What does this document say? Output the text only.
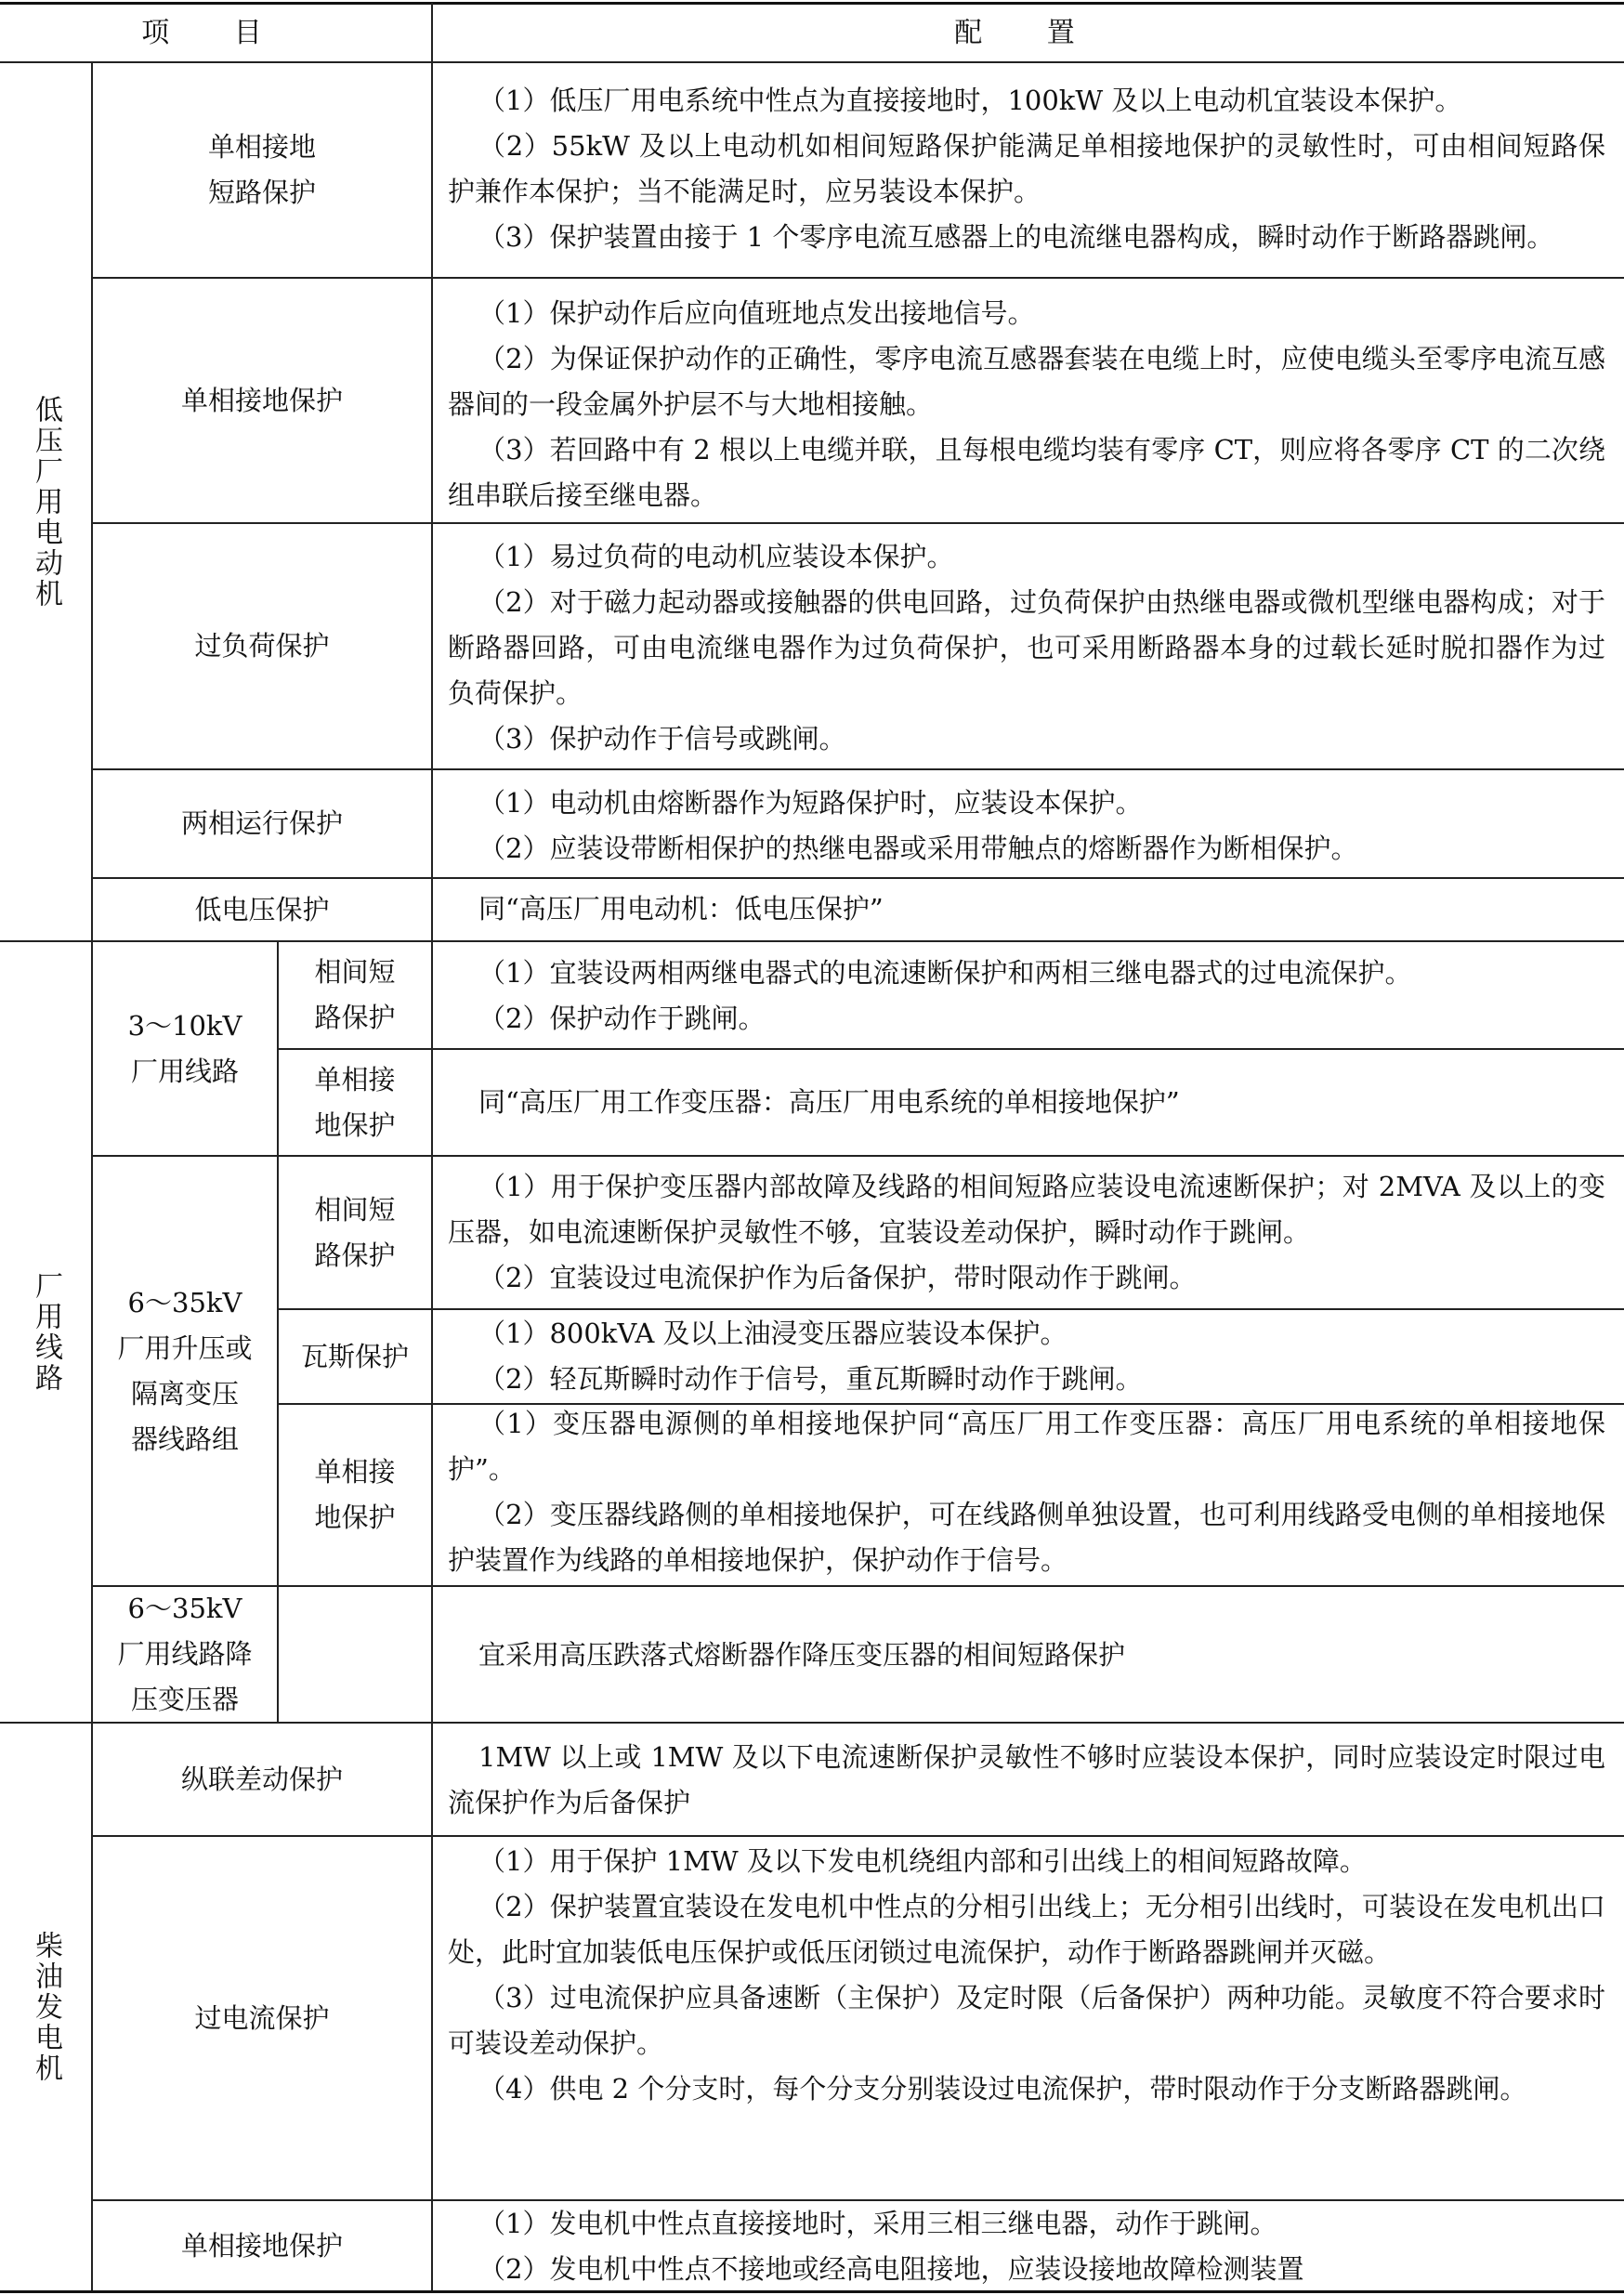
项 目	配 置
低压厂用电动机
厂用线路
柴油发电机
单相接地
短路保护

（1）低压厂用电系统中性点为直接接地时，100kW 及以上电动机宜装设本保护。

（2）55kW 及以上电动机如相间短路保护能满足单相接地保护的灵敏性时，可由相间短路保护兼作本保护；当不能满足时，应另装设本保护。

（3）保护装置由接于 1 个零序电流互感器上的电流继电器构成，瞬时动作于断路器跳闸。

单相接地保护

（1）保护动作后应向值班地点发出接地信号。

（2）为保证保护动作的正确性，零序电流互感器套装在电缆上时，应使电缆头至零序电流互感器间的一段金属外护层不与大地相接触。

（3）若回路中有 2 根以上电缆并联，且每根电缆均装有零序 CT，则应将各零序 CT 的二次绕组串联后接至继电器。

过负荷保护

（1）易过负荷的电动机应装设本保护。

（2）对于磁力起动器或接触器的供电回路，过负荷保护由热继电器或微机型继电器构成；对于断路器回路，可由电流继电器作为过负荷保护，也可采用断路器本身的过载长延时脱扣器作为过负荷保护。

（3）保护动作于信号或跳闸。

两相运行保护

（1）电动机由熔断器作为短路保护时，应装设本保护。

（2）应装设带断相保护的热继电器或采用带触点的熔断器作为断相保护。

低电压保护	同“高压厂用电动机：低电压保护”

3～10kV
厂用线路
相间短
路保护

（1）宜装设两相两继电器式的电流速断保护和两相三继电器式的过电流保护。

（2）保护动作于跳闸。

单相接
地保护

同“高压厂用工作变压器：高压厂用电系统的单相接地保护”

6～35kV
厂用升压或
隔离变压
器线路组
相间短
路保护

（1）用于保护变压器内部故障及线路的相间短路应装设电流速断保护；对 2MVA 及以上的变压器，如电流速断保护灵敏性不够，宜装设差动保护，瞬时动作于跳闸。

（2）宜装设过电流保护作为后备保护，带时限动作于跳闸。

瓦斯保护

（1）800kVA 及以上油浸变压器应装设本保护。

（2）轻瓦斯瞬时动作于信号，重瓦斯瞬时动作于跳闸。

单相接
地保护

（1）变压器电源侧的单相接地保护同“高压厂用工作变压器：高压厂用电系统的单相接地保护”。

（2）变压器线路侧的单相接地保护，可在线路侧单独设置，也可利用线路受电侧的单相接地保护装置作为线路的单相接地保护，保护动作于信号。

6～35kV
厂用线路降
压变压器

宜采用高压跌落式熔断器作降压变压器的相间短路保护

纵联差动保护

1MW 以上或 1MW 及以下电流速断保护灵敏性不够时应装设本保护，同时应装设定时限过电流保护作为后备保护

过电流保护

（1）用于保护 1MW 及以下发电机绕组内部和引出线上的相间短路故障。

（2）保护装置宜装设在发电机中性点的分相引出线上；无分相引出线时，可装设在发电机出口处，此时宜加装低电压保护或低压闭锁过电流保护，动作于断路器跳闸并灭磁。

（3）过电流保护应具备速断（主保护）及定时限（后备保护）两种功能。灵敏度不符合要求时可装设差动保护。

（4）供电 2 个分支时，每个分支分别装设过电流保护，带时限动作于分支断路器跳闸。

单相接地保护

（1）发电机中性点直接接地时，采用三相三继电器，动作于跳闸。

（2）发电机中性点不接地或经高电阻接地，应装设接地故障检测装置
